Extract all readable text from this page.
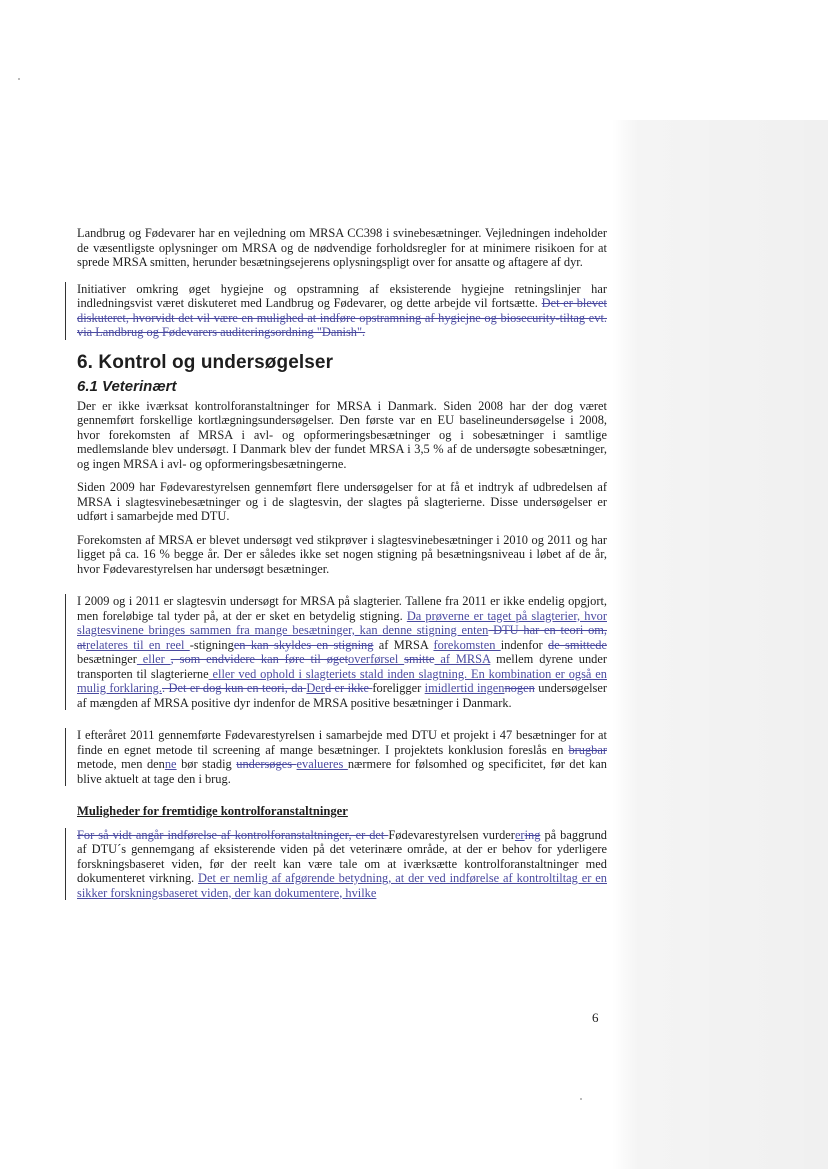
Landbrug og Fødevarer har en vejledning om MRSA CC398 i svinebesætninger. Vejledningen indeholder de væsentligste oplysninger om MRSA og de nødvendige forholdsregler for at minimere risikoen for at sprede MRSA smitten, herunder besætningsejerens oplysningspligt over for ansatte og aftagere af dyr.

Initiativer omkring øget hygiejne og opstramning af eksisterende hygiejne retningslinjer har indledningsvist været diskuteret med Landbrug og Fødevarer, og dette arbejde vil fortsætte. Det er blevet diskuteret, hvorvidt det vil være en mulighed at indføre opstramning af hygiejne og biosecurity-tiltag evt. via Landbrug og Fødevarers auditeringsordning "Danish".

6. Kontrol og undersøgelser
6.1 Veterinært

Der er ikke iværksat kontrolforanstaltninger for MRSA i Danmark. Siden 2008 har der dog været gennemført forskellige kortlægningsundersøgelser. Den første var en EU baselineundersøgelse i 2008, hvor forekomsten af MRSA i avl- og opformeringsbesætninger og i sobesætninger i samtlige medlemslande blev undersøgt. I Danmark blev der fundet MRSA i 3,5 % af de undersøgte sobesætninger, og ingen MRSA i avl- og opformeringsbesætningerne.

Siden 2009 har Fødevarestyrelsen gennemført flere undersøgelser for at få et indtryk af udbredelsen af MRSA i slagtesvinebesætninger og i de slagtesvin, der slagtes på slagterierne. Disse undersøgelser er udført i samarbejde med DTU.

Forekomsten af MRSA er blevet undersøgt ved stikprøver i slagtesvinebesætninger i 2010 og 2011 og har ligget på ca. 16 % begge år. Der er således ikke set nogen stigning på besætningsniveau i løbet af de år, hvor Fødevarestyrelsen har undersøgt besætninger.

I 2009 og i 2011 er slagtesvin undersøgt for MRSA på slagterier. Tallene fra 2011 er ikke endelig opgjort, men foreløbige tal tyder på, at der er sket en betydelig stigning. Da prøverne er taget på slagterier, hvor slagtesvinene bringes sammen fra mange besætninger, kan denne stigning enten DTU har en teori om, atrelateres til en reel -stigningen kan skyldes en stigning af MRSA forekomsten indenfor de smittede besætninger eller , som endvidere kan føre til øgetoverførsel smitte af MRSA mellem dyrene under transporten til slagterierne eller ved ophold i slagteriets stald inden slagtning. En kombination er også en mulig forklaring.. Det er dog kun en teori, da Derd er ikke foreligger imidlertid ingennogen undersøgelser af mængden af MRSA positive dyr indenfor de MRSA positive besætninger i Danmark.

I efteråret 2011 gennemførte Fødevarestyrelsen i samarbejde med DTU et projekt i 47 besætninger for at finde en egnet metode til screening af mange besætninger. I projektets konklusion foreslås en brugbar metode, men denne bør stadig undersøges evalueres nærmere for følsomhed og specificitet, før det kan blive aktuelt at tage den i brug.

Muligheder for fremtidige kontrolforanstaltninger

For så vidt angår indførelse af kontrolforanstaltninger, er det Fødevarestyrelsen vurderering på baggrund af DTU´s gennemgang af eksisterende viden på det veterinære område, at der er behov for yderligere forskningsbaseret viden, før der reelt kan være tale om at iværksætte kontrolforanstaltninger med dokumenteret virkning. Det er nemlig af afgørende betydning, at der ved indførelse af kontroltiltag er en sikker forskningsbaseret viden, der kan dokumentere, hvilke

6
